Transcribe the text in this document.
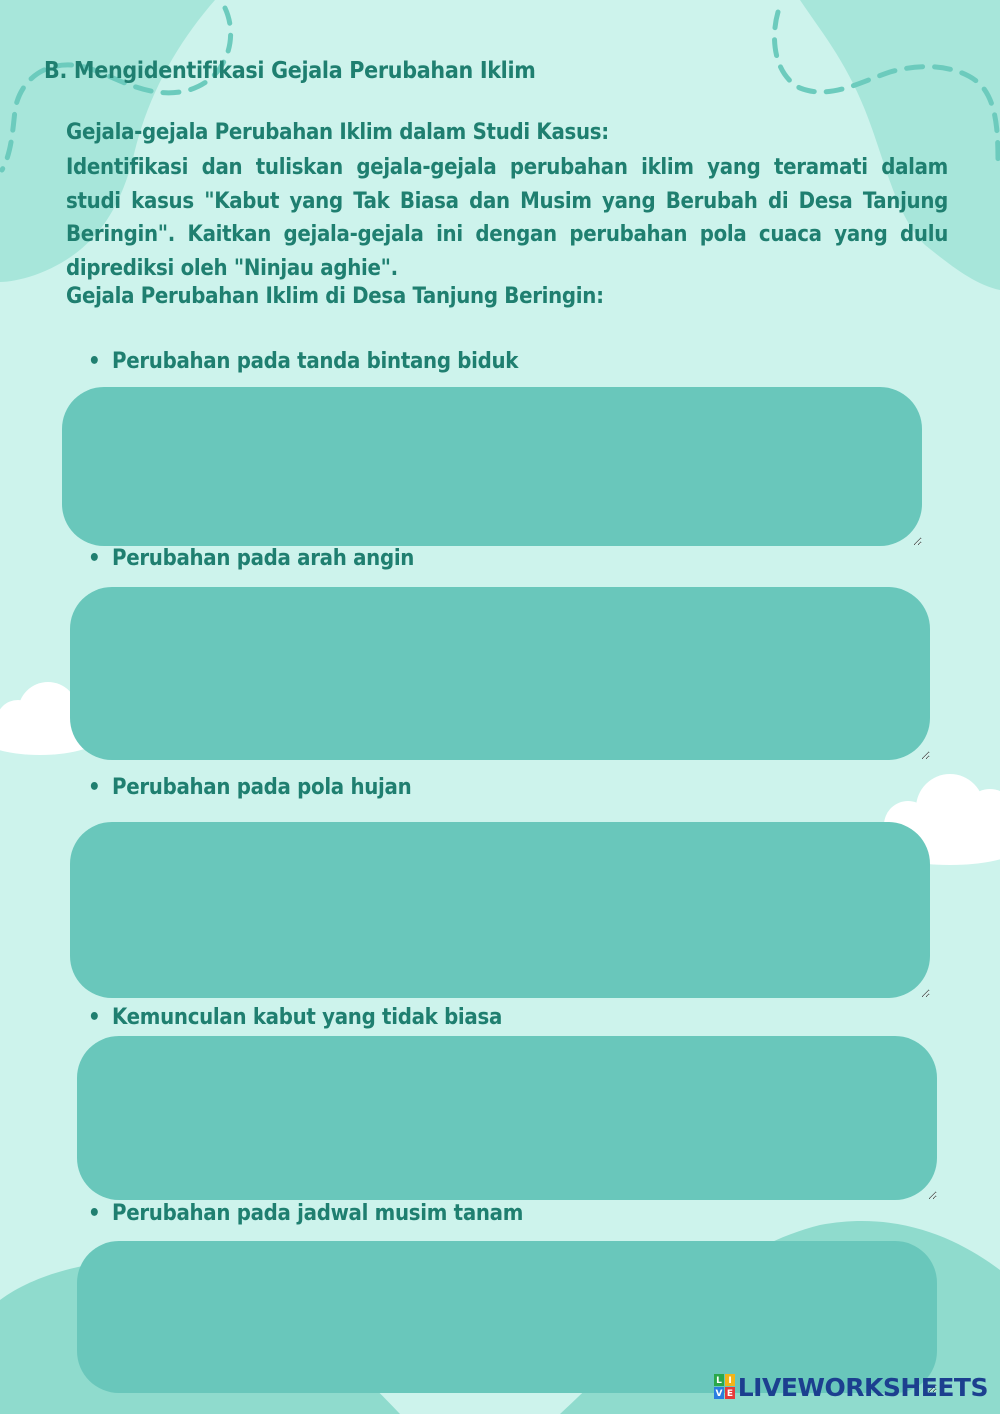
B. Mengidentifikasi Gejala Perubahan Iklim
Gejala-gejala Perubahan Iklim dalam Studi Kasus:

Identifikasi dan tuliskan gejala-gejala perubahan iklim yang teramati dalam studi kasus "Kabut yang Tak Biasa dan Musim yang Berubah di Desa Tanjung Beringin". Kaitkan gejala-gejala ini dengan perubahan pola cuaca yang dulu diprediksi oleh "Ninjau aghie".

Gejala Perubahan Iklim di Desa Tanjung Beringin:
• Perubahan pada tanda bintang biduk
• Perubahan pada arah angin
• Perubahan pada pola hujan
• Kemunculan kabut yang tidak biasa
• Perubahan pada jadwal musim tanam
L I
V E LIVEWORKSHEETS
